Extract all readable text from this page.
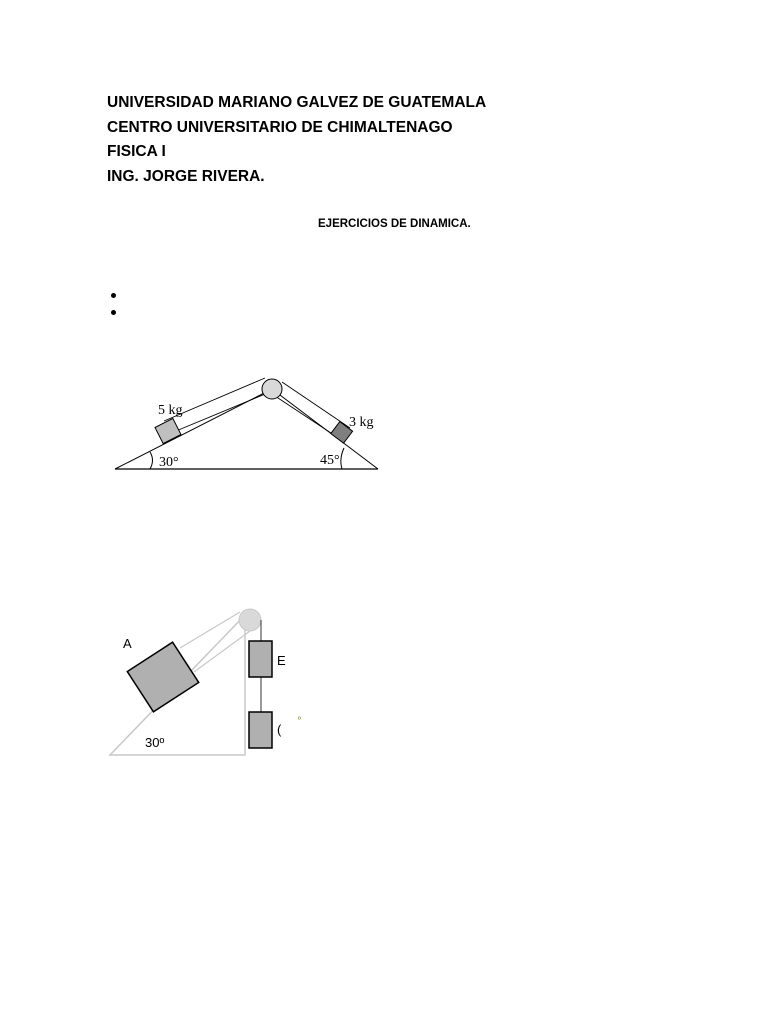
UNIVERSIDAD MARIANO GALVEZ DE GUATEMALA
CENTRO UNIVERSITARIO DE CHIMALTENAGO
FISICA I
ING. JORGE RIVERA.
EJERCICIOS DE DINAMICA.
5 kg
3 kg
30°	45°
A
E
(
30º
º
